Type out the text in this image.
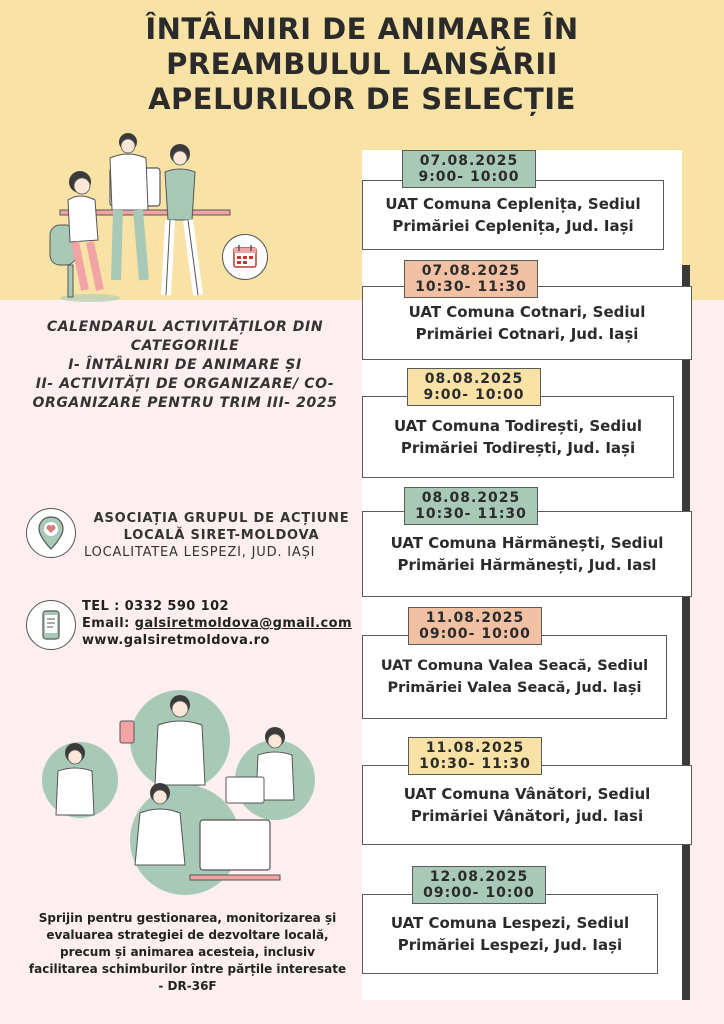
ÎNTÂLNIRI DE ANIMARE ÎN
PREAMBULUL LANSĂRII
APELURILOR DE SELECȚIE
CALENDARUL ACTIVITĂȚILOR DIN
CATEGORIILE
I- ÎNTÂLNIRI DE ANIMARE ȘI
II- ACTIVITĂȚI DE ORGANIZARE/ CO-
ORGANIZARE PENTRU TRIM III- 2025
ASOCIAȚIA GRUPUL DE ACȚIUNE
LOCALĂ SIRET-MOLDOVA
LOCALITATEA LESPEZI, JUD. IAȘI
TEL : 0332 590 102
Email: galsiretmoldova@gmail.com
www.galsiretmoldova.ro
Sprijin pentru gestionarea, monitorizarea și evaluarea strategiei de dezvoltare locală, precum și animarea acesteia, inclusiv facilitarea schimburilor între părțile interesate - DR-36F
UAT Comuna Ceplenița, Sediul
Primăriei Ceplenița, Jud. Iași
07.08.2025
9:00- 10:00
UAT Comuna Cotnari, Sediul
Primăriei Cotnari, Jud. Iași
07.08.2025
10:30- 11:30
UAT Comuna Todirești, Sediul
Primăriei Todirești, Jud. Iași
08.08.2025
9:00- 10:00
UAT Comuna Hărmănești, Sediul
Primăriei Hărmănești, Jud. Iasl
08.08.2025
10:30- 11:30
UAT Comuna Valea Seacă, Sediul
Primăriei Valea Seacă, Jud. Iași
11.08.2025
09:00- 10:00
UAT Comuna Vânători, Sediul
Primăriei Vânători, jud. Iasi
11.08.2025
10:30- 11:30
UAT Comuna Lespezi, Sediul
Primăriei Lespezi, Jud. Iași
12.08.2025
09:00- 10:00
